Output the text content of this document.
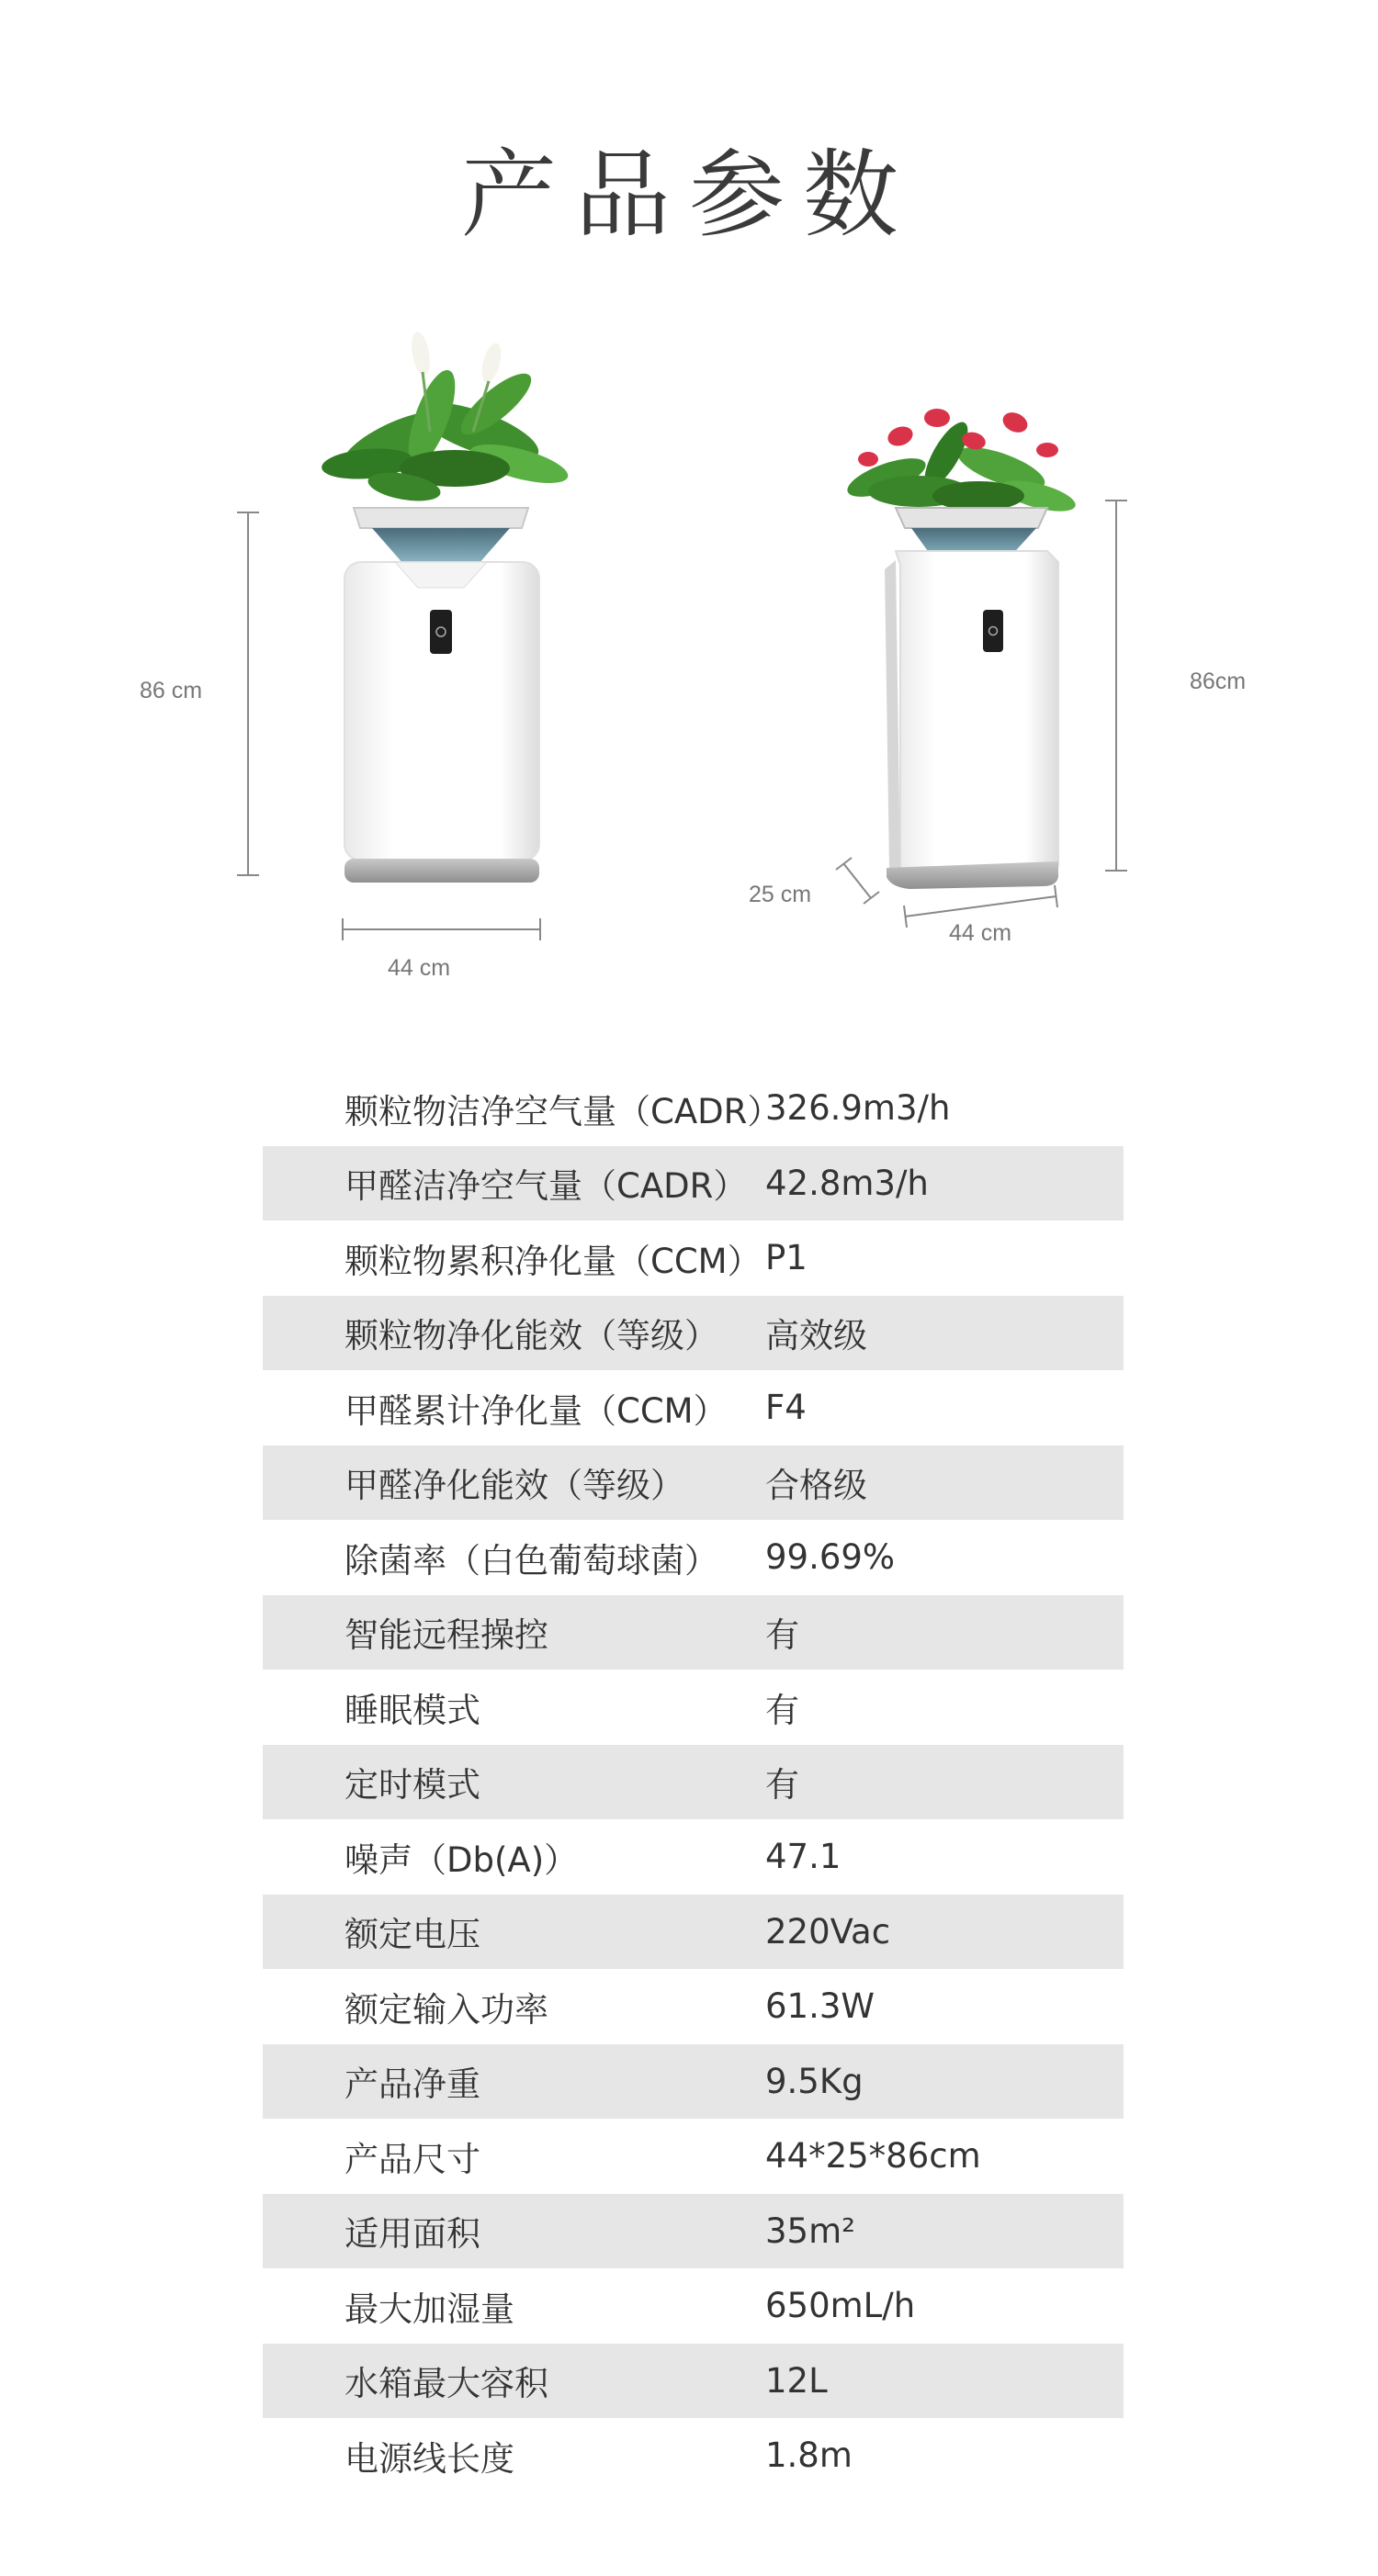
产品参数
86 cm
44 cm
86cm
25 cm
44 cm
颗粒物洁净空气量（CADR）	326.9m3/h
甲醛洁净空气量（CADR）	42.8m3/h
颗粒物累积净化量（CCM）	P1
颗粒物净化能效（等级）	高效级
甲醛累计净化量（CCM）	F4
甲醛净化能效（等级）	合格级
除菌率（白色葡萄球菌）	99.69%
智能远程操控	有
睡眠模式	有
定时模式	有
噪声（Db(A)）	47.1
额定电压	220Vac
额定输入功率	61.3W
产品净重	9.5Kg
产品尺寸	44*25*86cm
适用面积	35m²
最大加湿量	650mL/h
水箱最大容积	12L
电源线长度	1.8m
